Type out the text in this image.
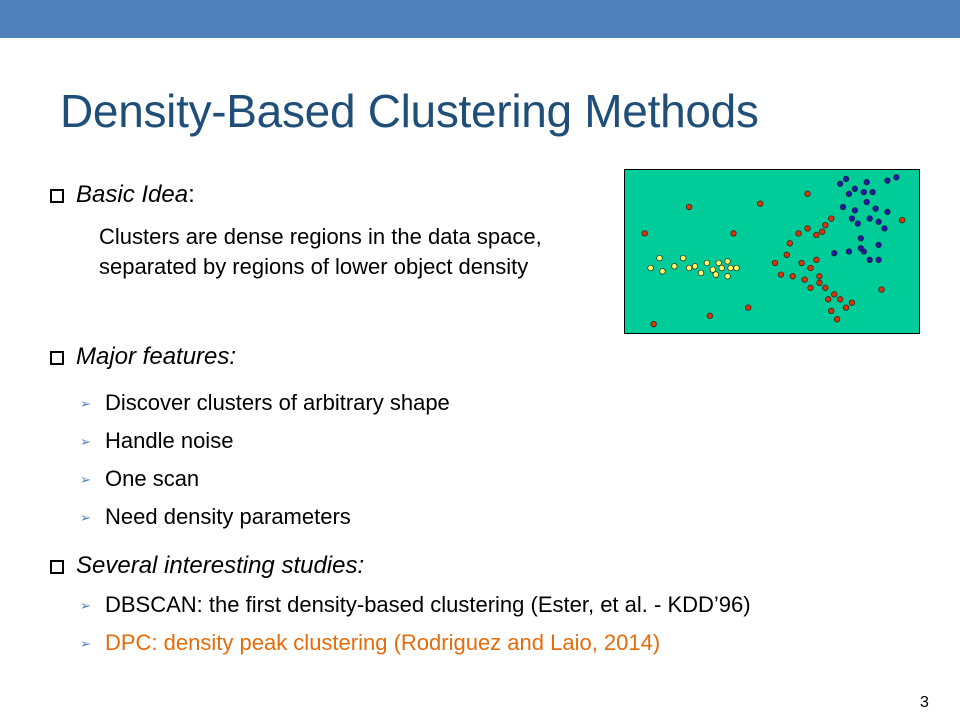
Density-Based Clustering Methods
Basic Idea:
Clusters are dense regions in the data space, separated by regions of lower object density
Major features:
➢ Discover clusters of arbitrary shape
➢ Handle noise
➢ One scan
➢ Need density parameters
Several interesting studies:
➢ DBSCAN: the first density-based clustering (Ester, et al. - KDD’96)
➢ DPC: density peak clustering (Rodriguez and Laio, 2014)
3
